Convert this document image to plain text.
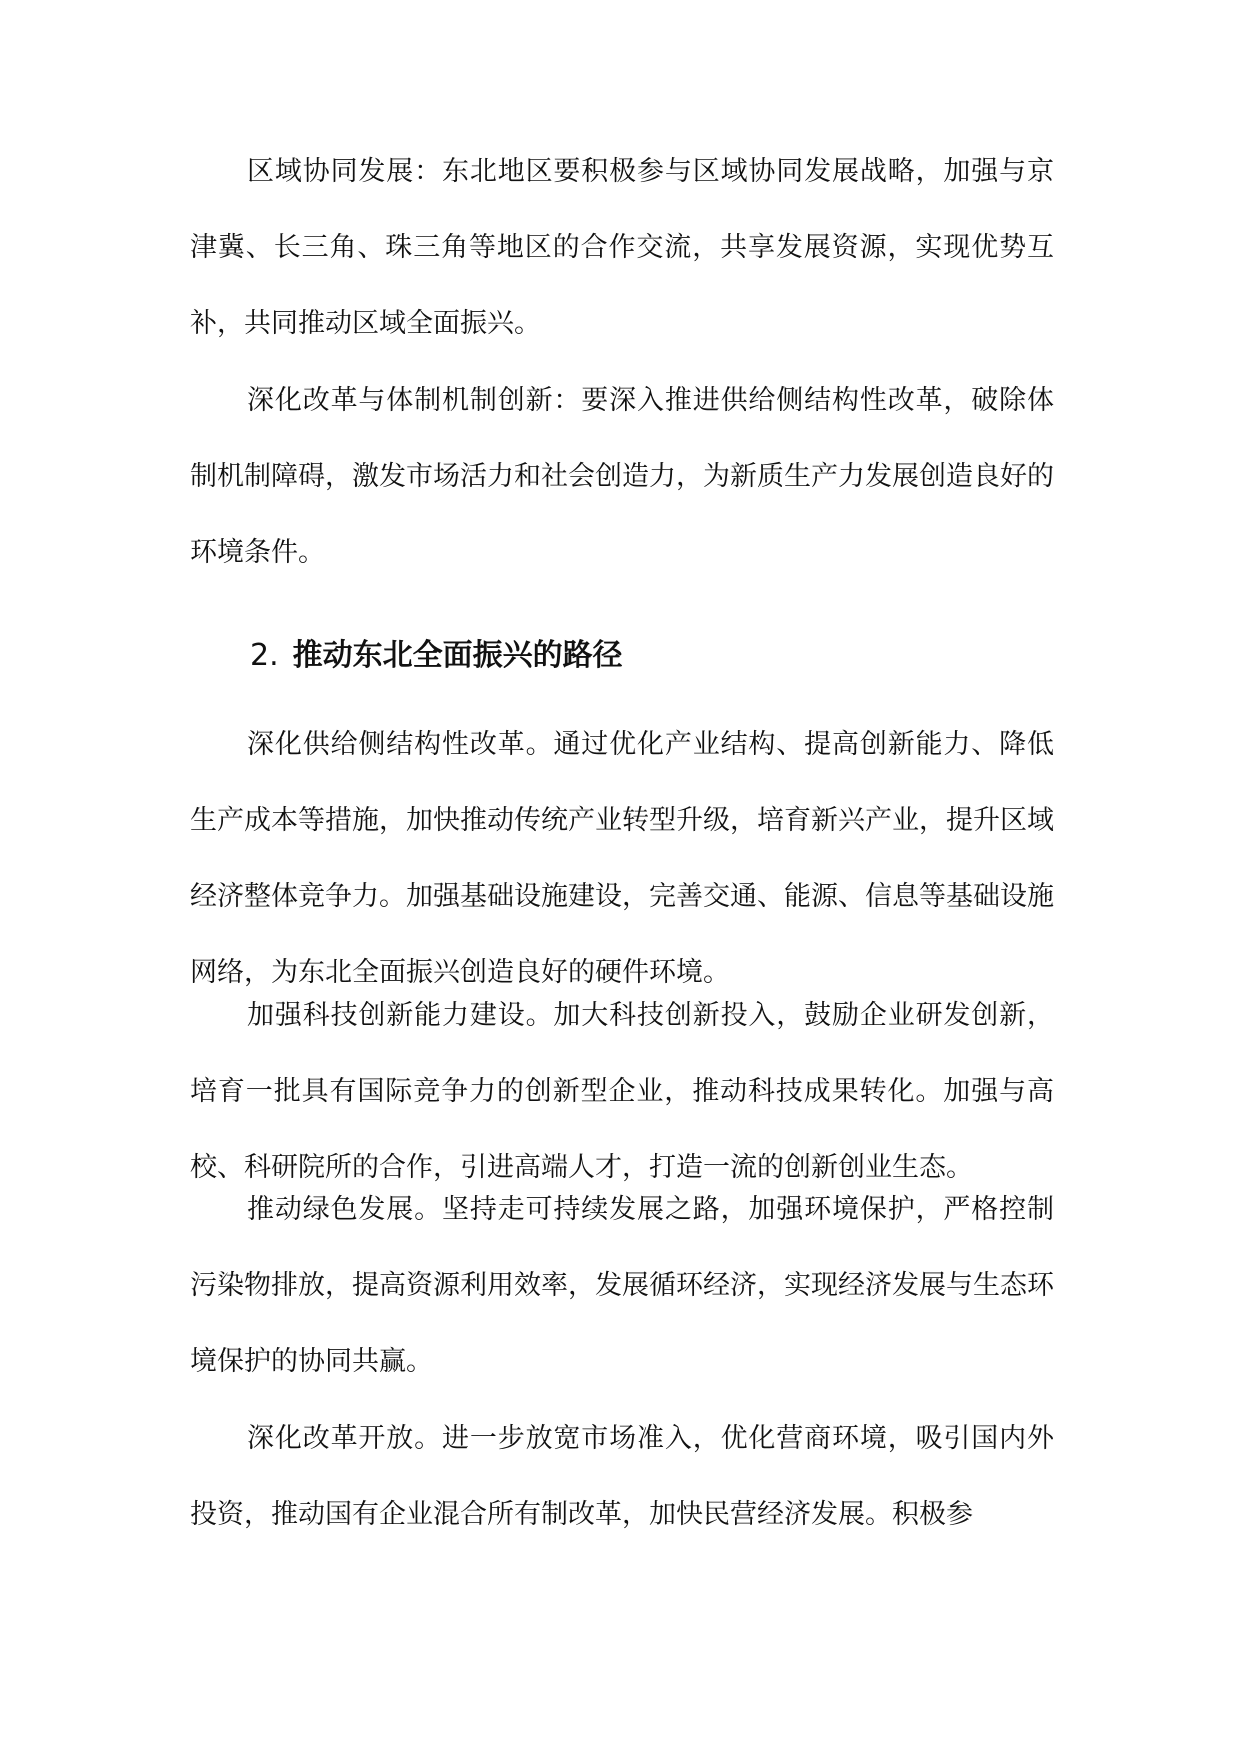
区域协同发展：东北地区要积极参与区域协同发展战略，加强与京津冀、长三角、珠三角等地区的合作交流，共享发展资源，实现优势互补，共同推动区域全面振兴。

深化改革与体制机制创新：要深入推进供给侧结构性改革，破除体制机制障碍，激发市场活力和社会创造力，为新质生产力发展创造良好的环境条件。

2. 推动东北全面振兴的路径

深化供给侧结构性改革。通过优化产业结构、提高创新能力、降低生产成本等措施，加快推动传统产业转型升级，培育新兴产业，提升区域经济整体竞争力。加强基础设施建设，完善交通、能源、信息等基础设施网络，为东北全面振兴创造良好的硬件环境。

加强科技创新能力建设。加大科技创新投入，鼓励企业研发创新，培育一批具有国际竞争力的创新型企业，推动科技成果转化。加强与高校、科研院所的合作，引进高端人才，打造一流的创新创业生态。

推动绿色发展。坚持走可持续发展之路，加强环境保护，严格控制污染物排放，提高资源利用效率，发展循环经济，实现经济发展与生态环境保护的协同共赢。

深化改革开放。进一步放宽市场准入，优化营商环境，吸引国内外投资，推动国有企业混合所有制改革，加快民营经济发展。积极参
